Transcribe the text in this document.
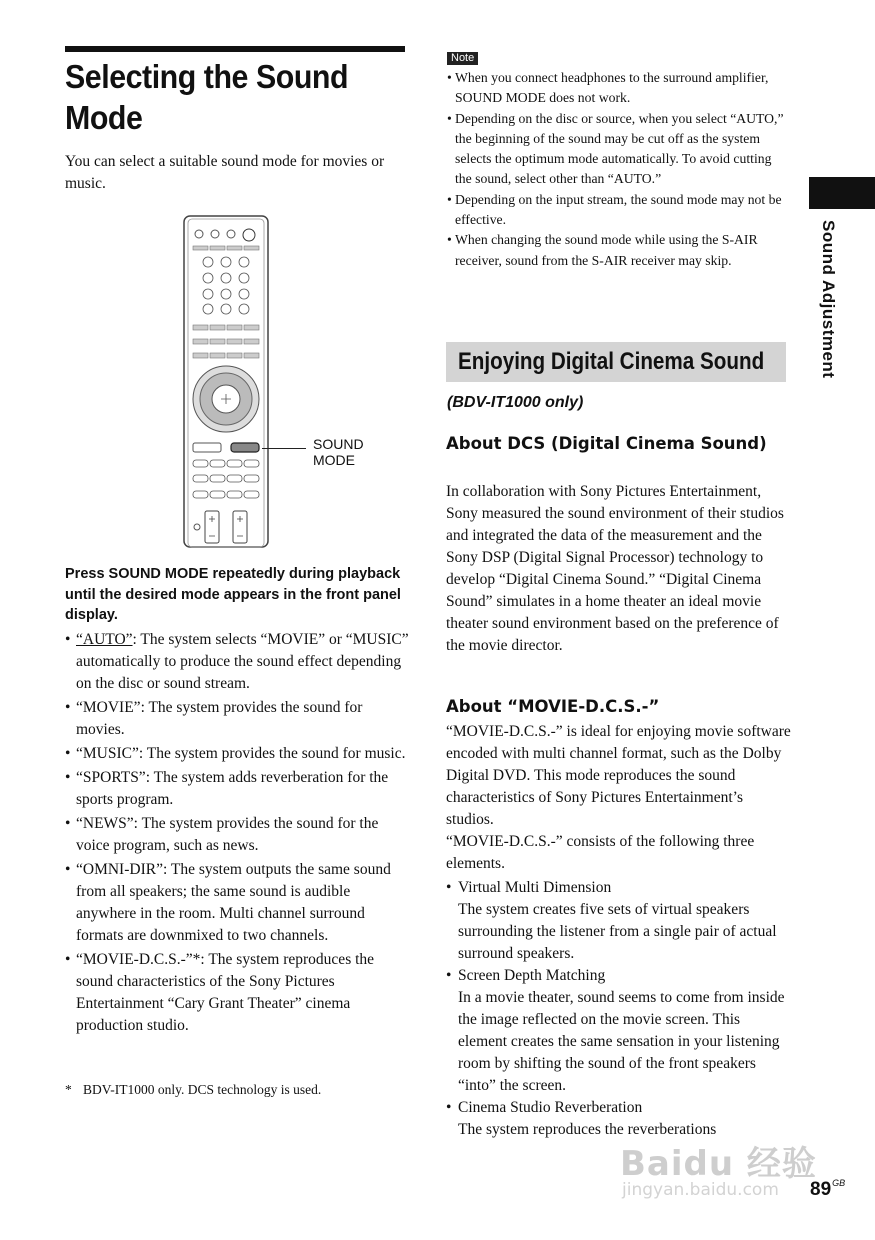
Selecting the Sound Mode
You can select a suitable sound mode for movies or music.
SOUND
MODE
Press SOUND MODE repeatedly during playback until the desired mode appears in the front panel display.
• “AUTO”: The system selects “MOVIE” or “MUSIC” automatically to produce the sound effect depending on the disc or sound stream.
• “MOVIE”: The system provides the sound for movies.
• “MUSIC”: The system provides the sound for music.
• “SPORTS”: The system adds reverberation for the sports program.
• “NEWS”: The system provides the sound for the voice program, such as news.
• “OMNI-DIR”: The system outputs the same sound from all speakers; the same sound is audible anywhere in the room. Multi channel surround formats are downmixed to two channels.
• “MOVIE-D.C.S.-”*: The system reproduces the sound characteristics of the Sony Pictures Entertainment “Cary Grant Theater” cinema production studio.
* BDV-IT1000 only. DCS technology is used.
Note
• When you connect headphones to the surround amplifier, SOUND MODE does not work.
• Depending on the disc or source, when you select “AUTO,” the beginning of the sound may be cut off as the system selects the optimum mode automatically. To avoid cutting the sound, select other than “AUTO.”
• Depending on the input stream, the sound mode may not be effective.
• When changing the sound mode while using the S-AIR receiver, sound from the S-AIR receiver may skip.
Enjoying Digital Cinema Sound
(BDV-IT1000 only)
About DCS (Digital Cinema Sound)
In collaboration with Sony Pictures Entertainment, Sony measured the sound environment of their studios and integrated the data of the measurement and the Sony DSP (Digital Signal Processor) technology to develop “Digital Cinema Sound.” “Digital Cinema Sound” simulates in a home theater an ideal movie theater sound environment based on the preference of the movie director.
About “MOVIE-D.C.S.-”
“MOVIE-D.C.S.-” is ideal for enjoying movie software encoded with multi channel format, such as the Dolby Digital DVD. This mode reproduces the sound characteristics of Sony Pictures Entertainment’s studios.
“MOVIE-D.C.S.-” consists of the following three elements.
• Virtual Multi Dimension
The system creates five sets of virtual speakers surrounding the listener from a single pair of actual surround speakers.
• Screen Depth Matching
In a movie theater, sound seems to come from inside the image reflected on the movie screen. This element creates the same sensation in your listening room by shifting the sound of the front speakers “into” the screen.
• Cinema Studio Reverberation
The system reproduces the reverberations
Sound Adjustment
Baidu 经验
jingyan.baidu.com $89^{GB}$
